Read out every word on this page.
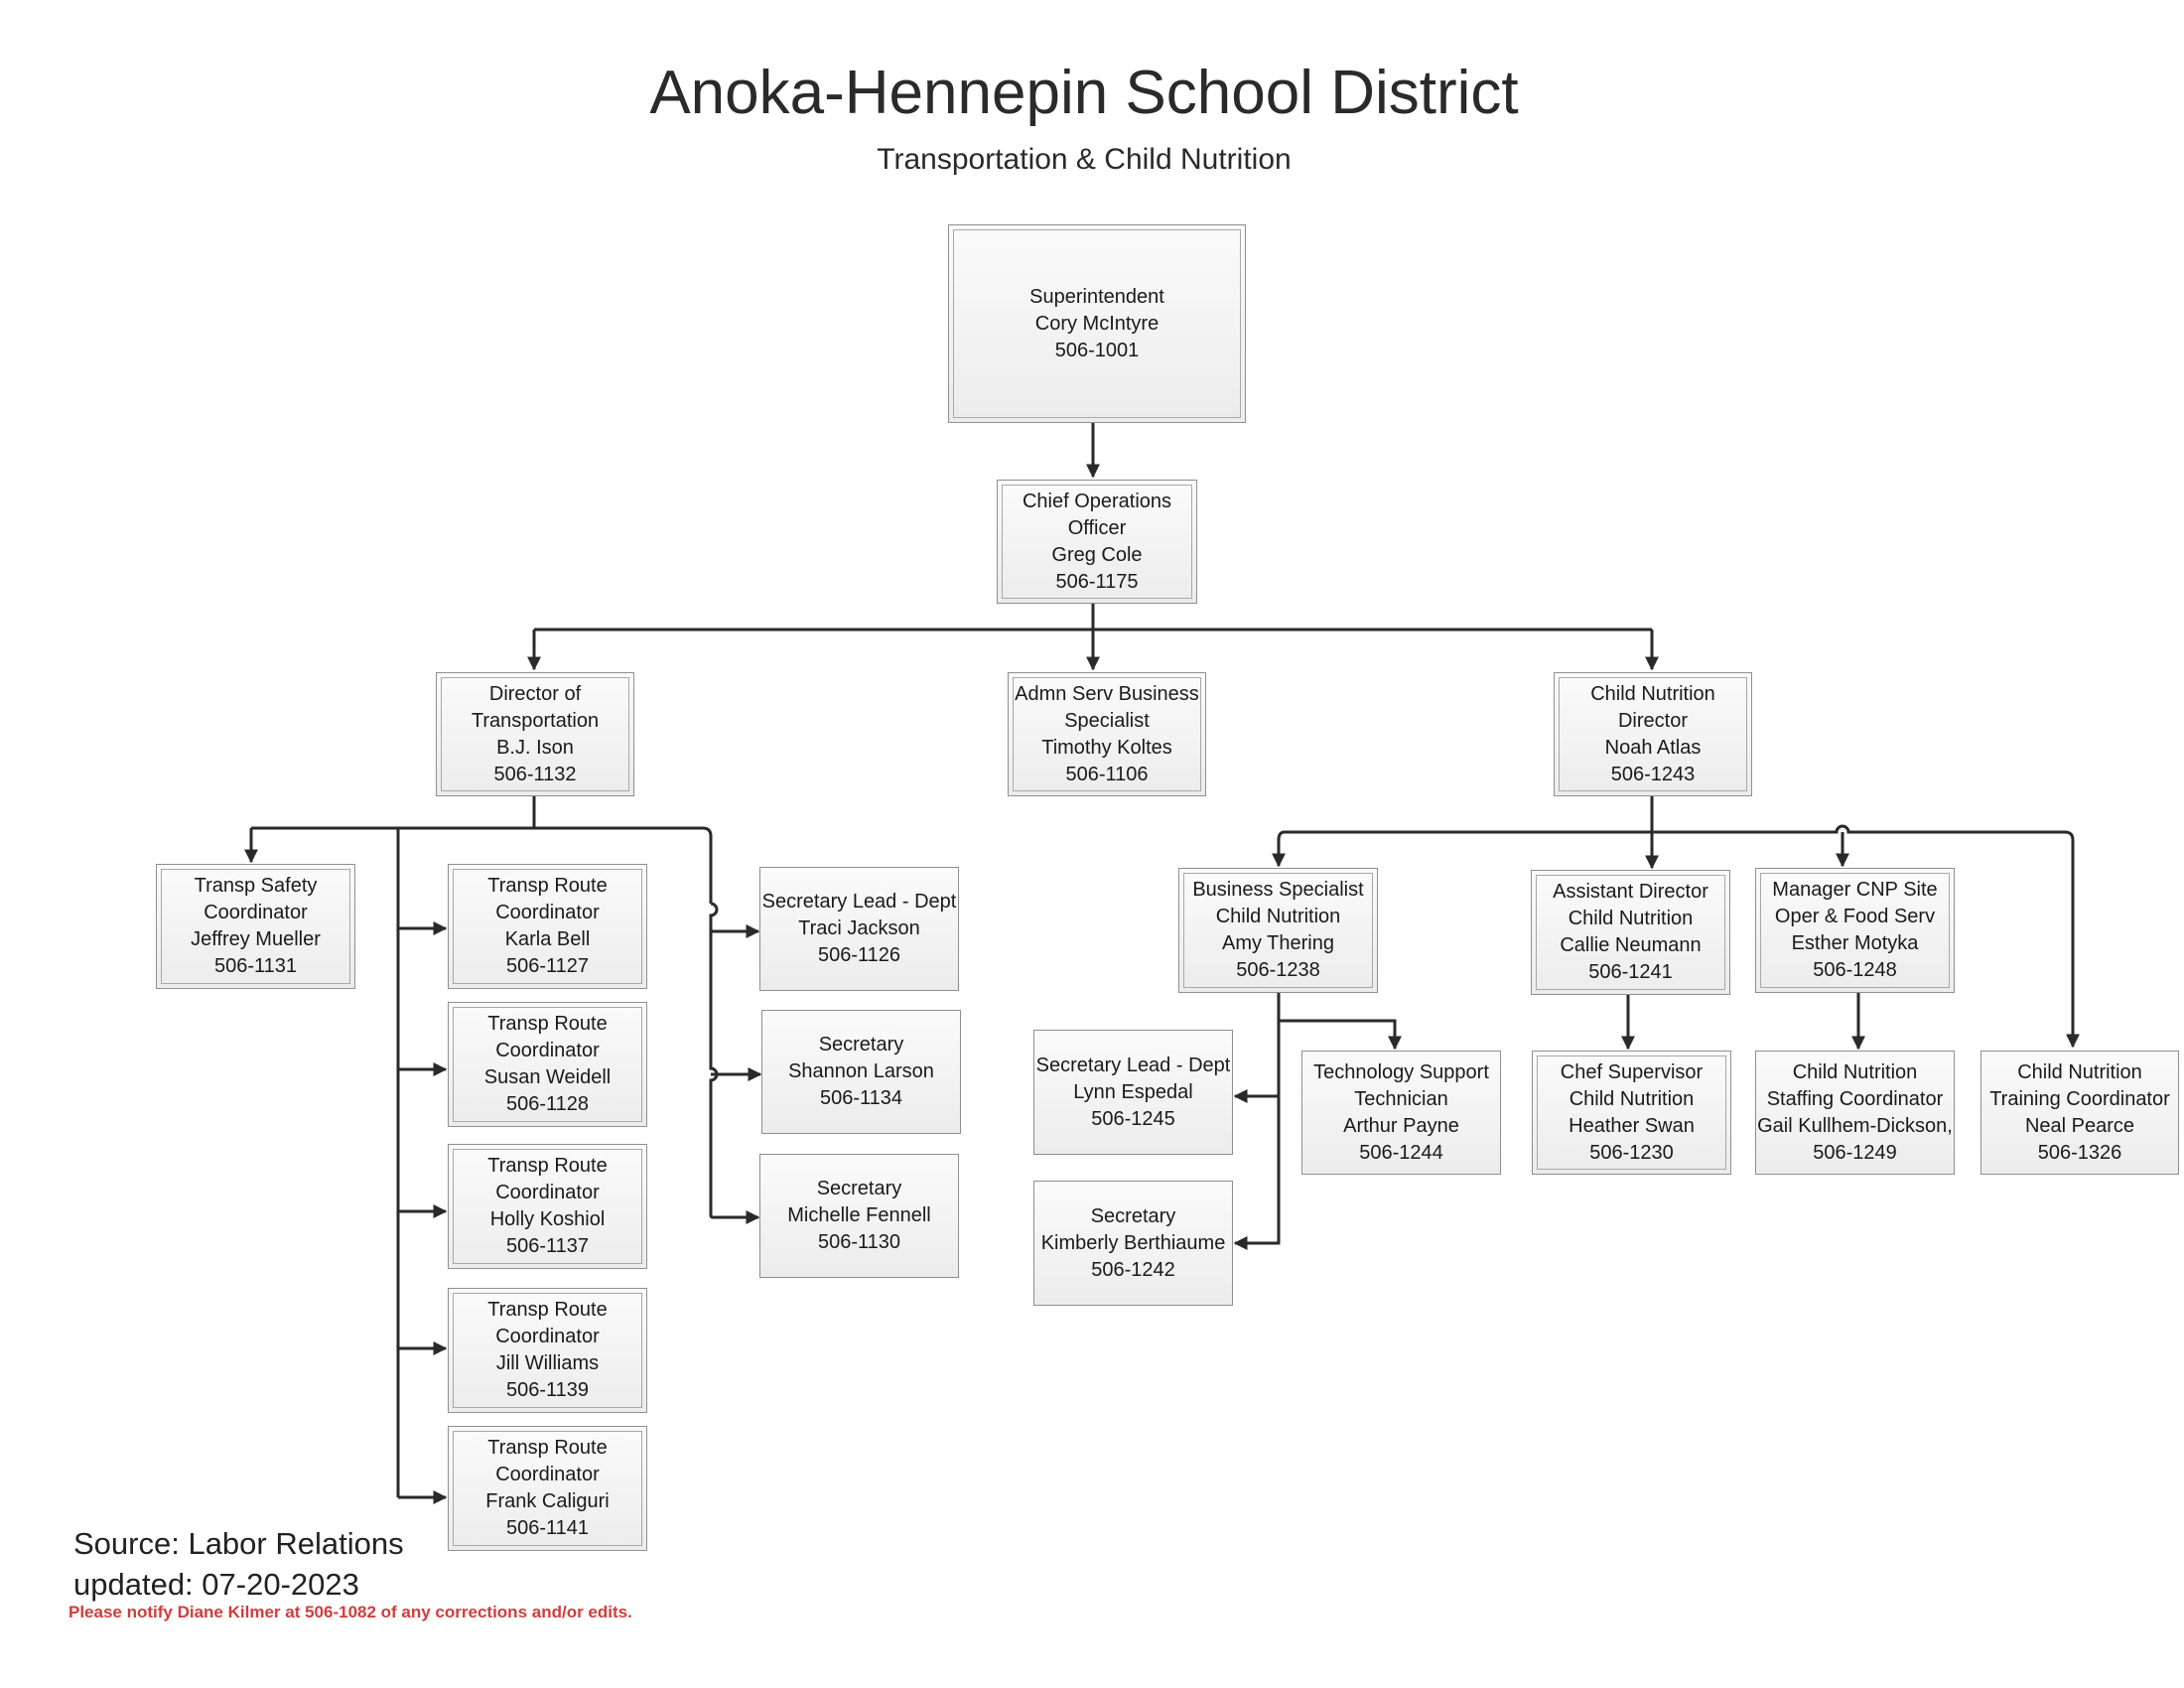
Anoka-Hennepin School District
Transportation & Child Nutrition
Superintendent
Cory McIntyre
506-1001
Chief Operations
Officer
Greg Cole
506-1175
Director of
Transportation
B.J. Ison
506-1132
Admn Serv Business
Specialist
Timothy Koltes
506-1106
Child Nutrition
Director
Noah Atlas
506-1243
Transp Safety
Coordinator
Jeffrey Mueller
506-1131
Transp Route
Coordinator
Karla Bell
506-1127
Transp Route
Coordinator
Susan Weidell
506-1128
Transp Route
Coordinator
Holly Koshiol
506-1137
Transp Route
Coordinator
Jill Williams
506-1139
Transp Route
Coordinator
Frank Caliguri
506-1141
Secretary Lead - Dept
Traci Jackson
506-1126
Secretary
Shannon Larson
506-1134
Secretary
Michelle Fennell
506-1130
Business Specialist
Child Nutrition
Amy Thering
506-1238
Assistant Director
Child Nutrition
Callie Neumann
506-1241
Manager CNP Site
Oper & Food Serv
Esther Motyka
506-1248
Secretary Lead - Dept
Lynn Espedal
506-1245
Technology Support
Technician
Arthur Payne
506-1244
Secretary
Kimberly Berthiaume
506-1242
Chef Supervisor
Child Nutrition
Heather Swan
506-1230
Child Nutrition
Staffing Coordinator
Gail Kullhem-Dickson,
506-1249
Child Nutrition
Training Coordinator
Neal Pearce
506-1326
Source: Labor Relations
updated: 07-20-2023
Please notify Diane Kilmer at 506-1082 of any corrections and/or edits.
